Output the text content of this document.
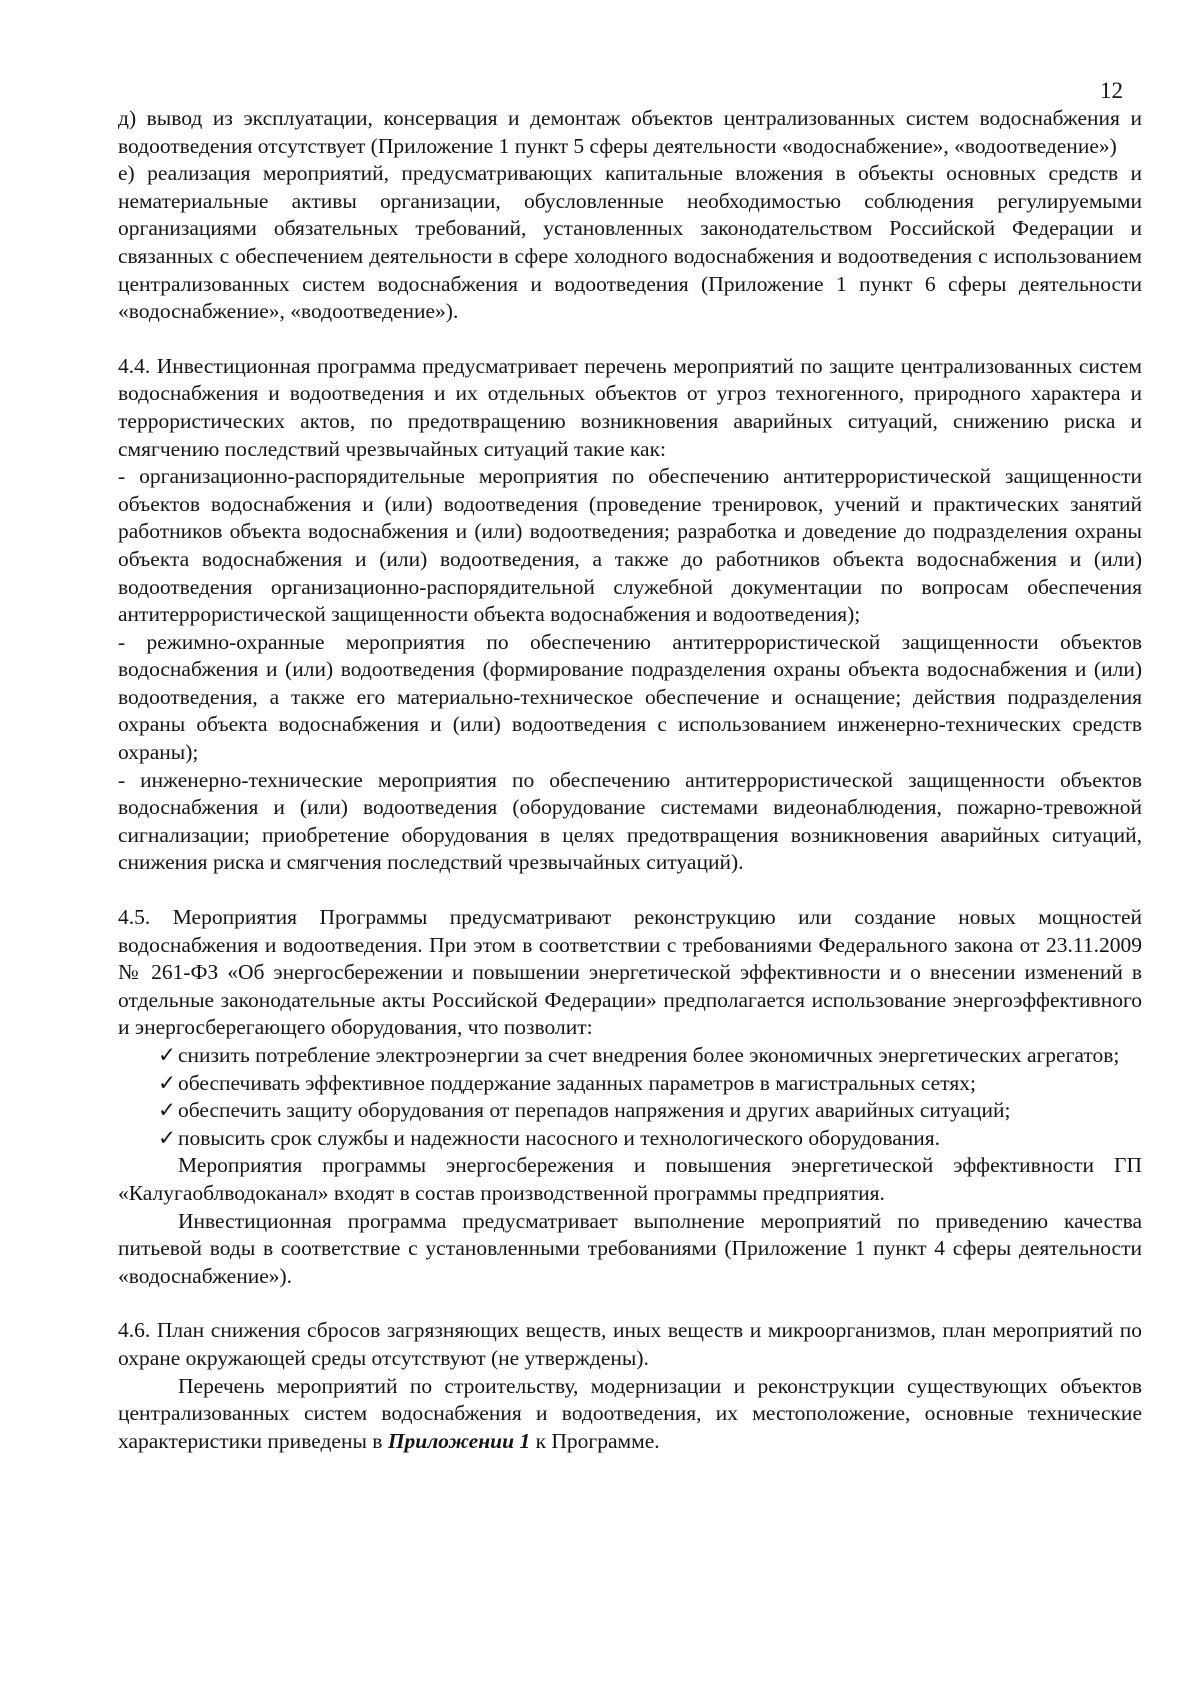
12

д) вывод из эксплуатации, консервация и демонтаж объектов централизованных систем водоснабжения и водоотведения отсутствует (Приложение 1 пункт 5 сферы деятельности «водоснабжение», «водоотведение»)

е) реализация мероприятий, предусматривающих капитальные вложения в объекты основных средств и нематериальные активы организации, обусловленные необходимостью соблюдения регулируемыми организациями обязательных требований, установленных законодательством Российской Федерации и связанных с обеспечением деятельности в сфере холодного водоснабжения и водоотведения с использованием централизованных систем водоснабжения и водоотведения (Приложение 1 пункт 6 сферы деятельности «водоснабжение», «водоотведение»).

4.4. Инвестиционная программа предусматривает перечень мероприятий по защите централизованных систем водоснабжения и водоотведения и их отдельных объектов от угроз техногенного, природного характера и террористических актов, по предотвращению возникновения аварийных ситуаций, снижению риска и смягчению последствий чрезвычайных ситуаций такие как:

- организационно-распорядительные мероприятия по обеспечению антитеррористической защищенности объектов водоснабжения и (или) водоотведения (проведение тренировок, учений и практических занятий работников объекта водоснабжения и (или) водоотведения; разработка и доведение до подразделения охраны объекта водоснабжения и (или) водоотведения, а также до работников объекта водоснабжения и (или) водоотведения организационно-распорядительной служебной документации по вопросам обеспечения антитеррористической защищенности объекта водоснабжения и водоотведения);

- режимно-охранные мероприятия по обеспечению антитеррористической защищенности объектов водоснабжения и (или) водоотведения (формирование подразделения охраны объекта водоснабжения и (или) водоотведения, а также его материально-техническое обеспечение и оснащение; действия подразделения охраны объекта водоснабжения и (или) водоотведения с использованием инженерно-технических средств охраны);

- инженерно-технические мероприятия по обеспечению антитеррористической защищенности объектов водоснабжения и (или) водоотведения (оборудование системами видеонаблюдения, пожарно-тревожной сигнализации; приобретение оборудования в целях предотвращения возникновения аварийных ситуаций, снижения риска и смягчения последствий чрезвычайных ситуаций).

4.5. Мероприятия Программы предусматривают реконструкцию или создание новых мощностей водоснабжения и водоотведения. При этом в соответствии с требованиями Федерального закона от 23.11.2009 № 261-ФЗ «Об энергосбережении и повышении энергетической эффективности и о внесении изменений в отдельные законодательные акты Российской Федерации» предполагается использование энергоэффективного и энергосберегающего оборудования, что позволит:

✓ снизить потребление электроэнергии за счет внедрения более экономичных энергетических агрегатов;
✓ обеспечивать эффективное поддержание заданных параметров в магистральных сетях;
✓ обеспечить защиту оборудования от перепадов напряжения и других аварийных ситуаций;
✓ повысить срок службы и надежности насосного и технологического оборудования.

Мероприятия программы энергосбережения и повышения энергетической эффективности ГП «Калугаоблводоканал» входят в состав производственной программы предприятия.

Инвестиционная программа предусматривает выполнение мероприятий по приведению качества питьевой воды в соответствие с установленными требованиями (Приложение 1 пункт 4 сферы деятельности «водоснабжение»).

4.6. План снижения сбросов загрязняющих веществ, иных веществ и микроорганизмов, план мероприятий по охране окружающей среды отсутствуют (не утверждены).

Перечень мероприятий по строительству, модернизации и реконструкции существующих объектов централизованных систем водоснабжения и водоотведения, их местоположение, основные технические характеристики приведены в Приложении 1 к Программе.
